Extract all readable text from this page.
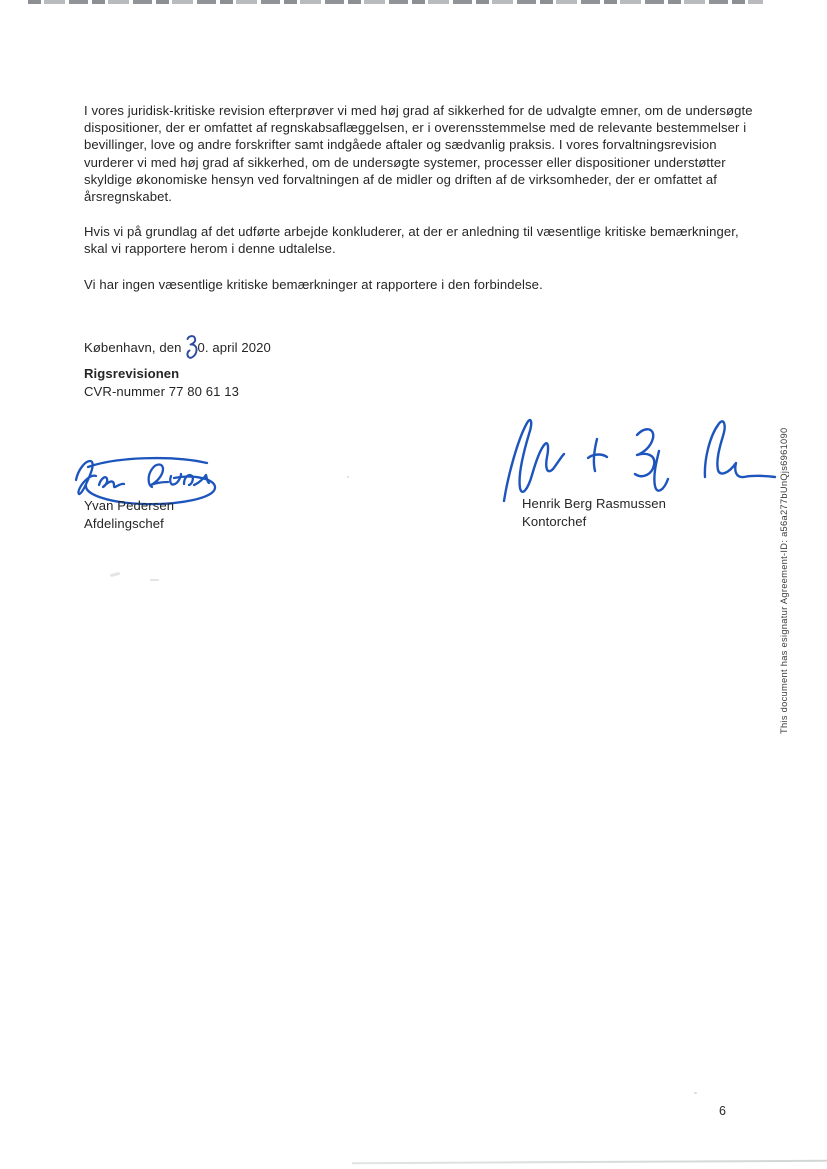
I vores juridisk-kritiske revision efterprøver vi med høj grad af sikkerhed for de udvalgte emner, om de undersøgte
dispositioner, der er omfattet af regnskabsaflæggelsen, er i overensstemmelse med de relevante bestemmelser i
bevillinger, love og andre forskrifter samt indgåede aftaler og sædvanlig praksis. I vores forvaltningsrevision
vurderer vi med høj grad af sikkerhed, om de undersøgte systemer, processer eller dispositioner understøtter
skyldige økonomiske hensyn ved forvaltningen af de midler og driften af de virksomheder, der er omfattet af
årsregnskabet.
Hvis vi på grundlag af det udførte arbejde konkluderer, at der er anledning til væsentlige kritiske bemærkninger,
skal vi rapportere herom i denne udtalelse.
Vi har ingen væsentlige kritiske bemærkninger at rapportere i den forbindelse.
København, den 0. april 2020
Rigsrevisionen
CVR-nummer 77 80 61 13
Yvan Pedersen
Afdelingschef
Henrik Berg Rasmussen
Kontorchef	This document has esignatur Agreement-ID: a56a277bUnQjs6961090
6
